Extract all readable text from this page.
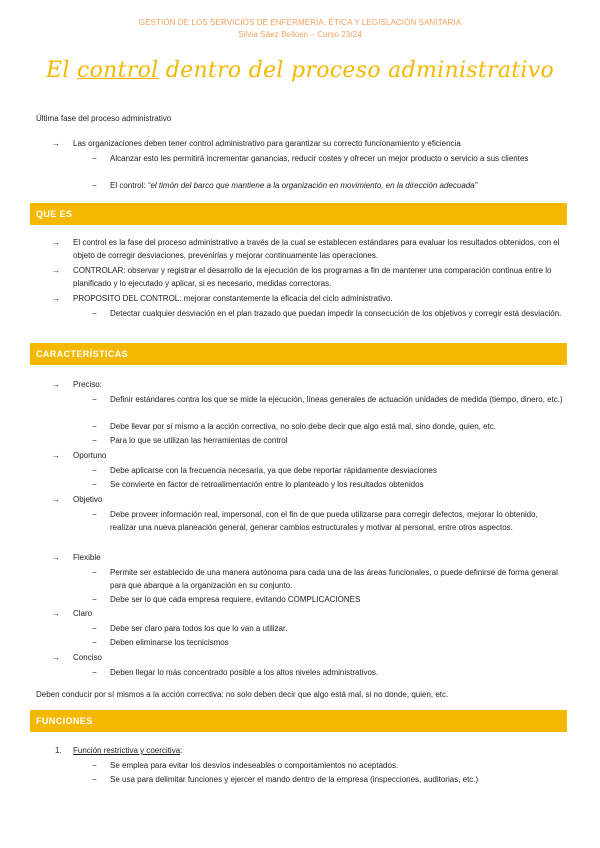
GESTIÓN DE LOS SERVICIOS DE ENFERMERÍA, ÉTICA Y LEGISLACIÓN SANITARIA
Silvia Sáez Belloso – Curso 23/24
El control dentro del proceso administrativo
Última fase del proceso administrativo
→ Las organizaciones deben tener control administrativo para garantizar su correcto funcionamiento y eficiencia
− Alcanzar esto les permitirá incrementar ganancias, reducir costes y ofrecer un mejor producto o servicio a sus clientes
− El control: “el timón del barco que mantiene a la organización en movimiento, en la dirección adecuada”
QUE ES
→ El control es la fase del proceso administrativo a través de la cual se establecen estándares para evaluar los resultados obtenidos, con el objeto de corregir desviaciones, prevenirlas y mejorar continuamente las operaciones.
→ CONTROLAR: observar y registrar el desarrollo de la ejecución de los programas a fin de mantener una comparación continua entre lo planificado y lo ejecutado y aplicar, si es necesario, medidas correctoras.
→ PROPOSITO DEL CONTROL: mejorar constantemente la eficacia del ciclo administrativo.
− Detectar cualquier desviación en el plan trazado que puedan impedir la consecución de los objetivos y corregir está desviación.
CARACTERÍSTICAS
→ Preciso:
− Definir estándares contra los que se mide la ejecución, líneas generales de actuación unidades de medida (tiempo, dinero, etc.)
− Debe llevar por sí mismo a la acción correctiva, no solo debe decir que algo está mal, sino donde, quien, etc.
− Para lo que se utilizan las herramientas de control
→ Oportuno
− Debe aplicarse con la frecuencia necesaria, ya que debe reportar rápidamente desviaciones
− Se convierte en factor de retroalimentación entre lo planteado y los resultados obtenidos
→ Objetivo
− Debe proveer información real, impersonal, con el fin de que pueda utilizarse para corregir defectos, mejorar lo obtenido, realizar una nueva planeación general, generar cambios estructurales y motivar al personal, entre otros aspectos.
→ Flexible
− Permite ser establecido de una manera autónoma para cada una de las áreas funcionales, o puede definirse de forma general para que abarque a la organización en su conjunto.
− Debe ser lo que cada empresa requiere, evitando COMPLICACIONES
→ Claro
− Debe ser claro para todos los que lo van a utilizar.
− Deben eliminarse los tecnicismos
→ Conciso
− Deben llegar lo más concentrado posible a los altos niveles administrativos.
Deben conducir por sí mismos a la acción correctiva: no solo deben decir que algo está mal, si no donde, quien, etc.
FUNCIONES
1. Función restrictiva y coercitiva:
− Se emplea para evitar los desvíos indeseables o comportamientos no aceptados.
− Se usa para delimitar funciones y ejercer el mando dentro de la empresa (inspecciones, auditorias, etc.)
